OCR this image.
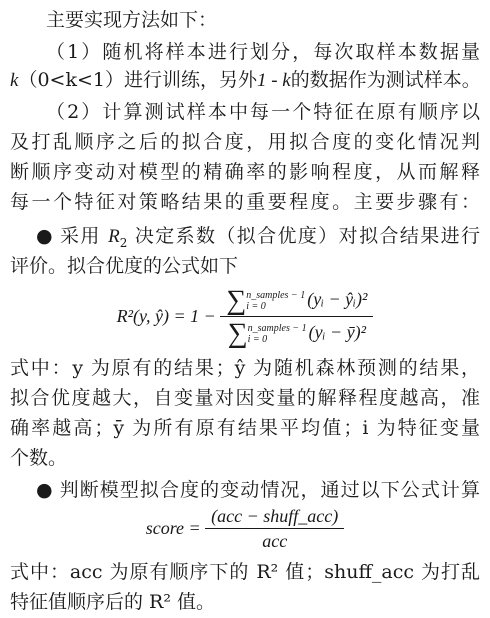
主要实现方法如下：
（1）随机将样本进行划分，每次取样本数据量
k（0<k<1）进行训练，另外1 - k的数据作为测试样本。
（2）计算测试样本中每一个特征在原有顺序以
及打乱顺序之后的拟合度，用拟合度的变化情况判
断顺序变动对模型的精确率的影响程度，从而解释
每一个特征对策略结果的重要程度。主要步骤有：
● 采用 $R_2$ 决定系数（拟合优度）对拟合结果进行
评价。拟合优度的公式如下
R²(y, ŷ) = 1 − ∑n_samples − 1
i = 0 (yᵢ − ŷᵢ)²
∑n_samples − 1
i = 0 (yᵢ − ȳ)²
式中：y 为原有的结果；ŷ 为随机森林预测的结果，
拟合优度越大，自变量对因变量的解释程度越高，准
确率越高；ȳ 为所有原有结果平均值；i 为特征变量
个数。
● 判断模型拟合度的变动情况，通过以下公式计算
score = $\frac{\text{(acc − shuff\_acc)}}{\text{acc}}$
式中：acc 为原有顺序下的 R² 值；shuff_acc 为打乱
特征值顺序后的 R² 值。
